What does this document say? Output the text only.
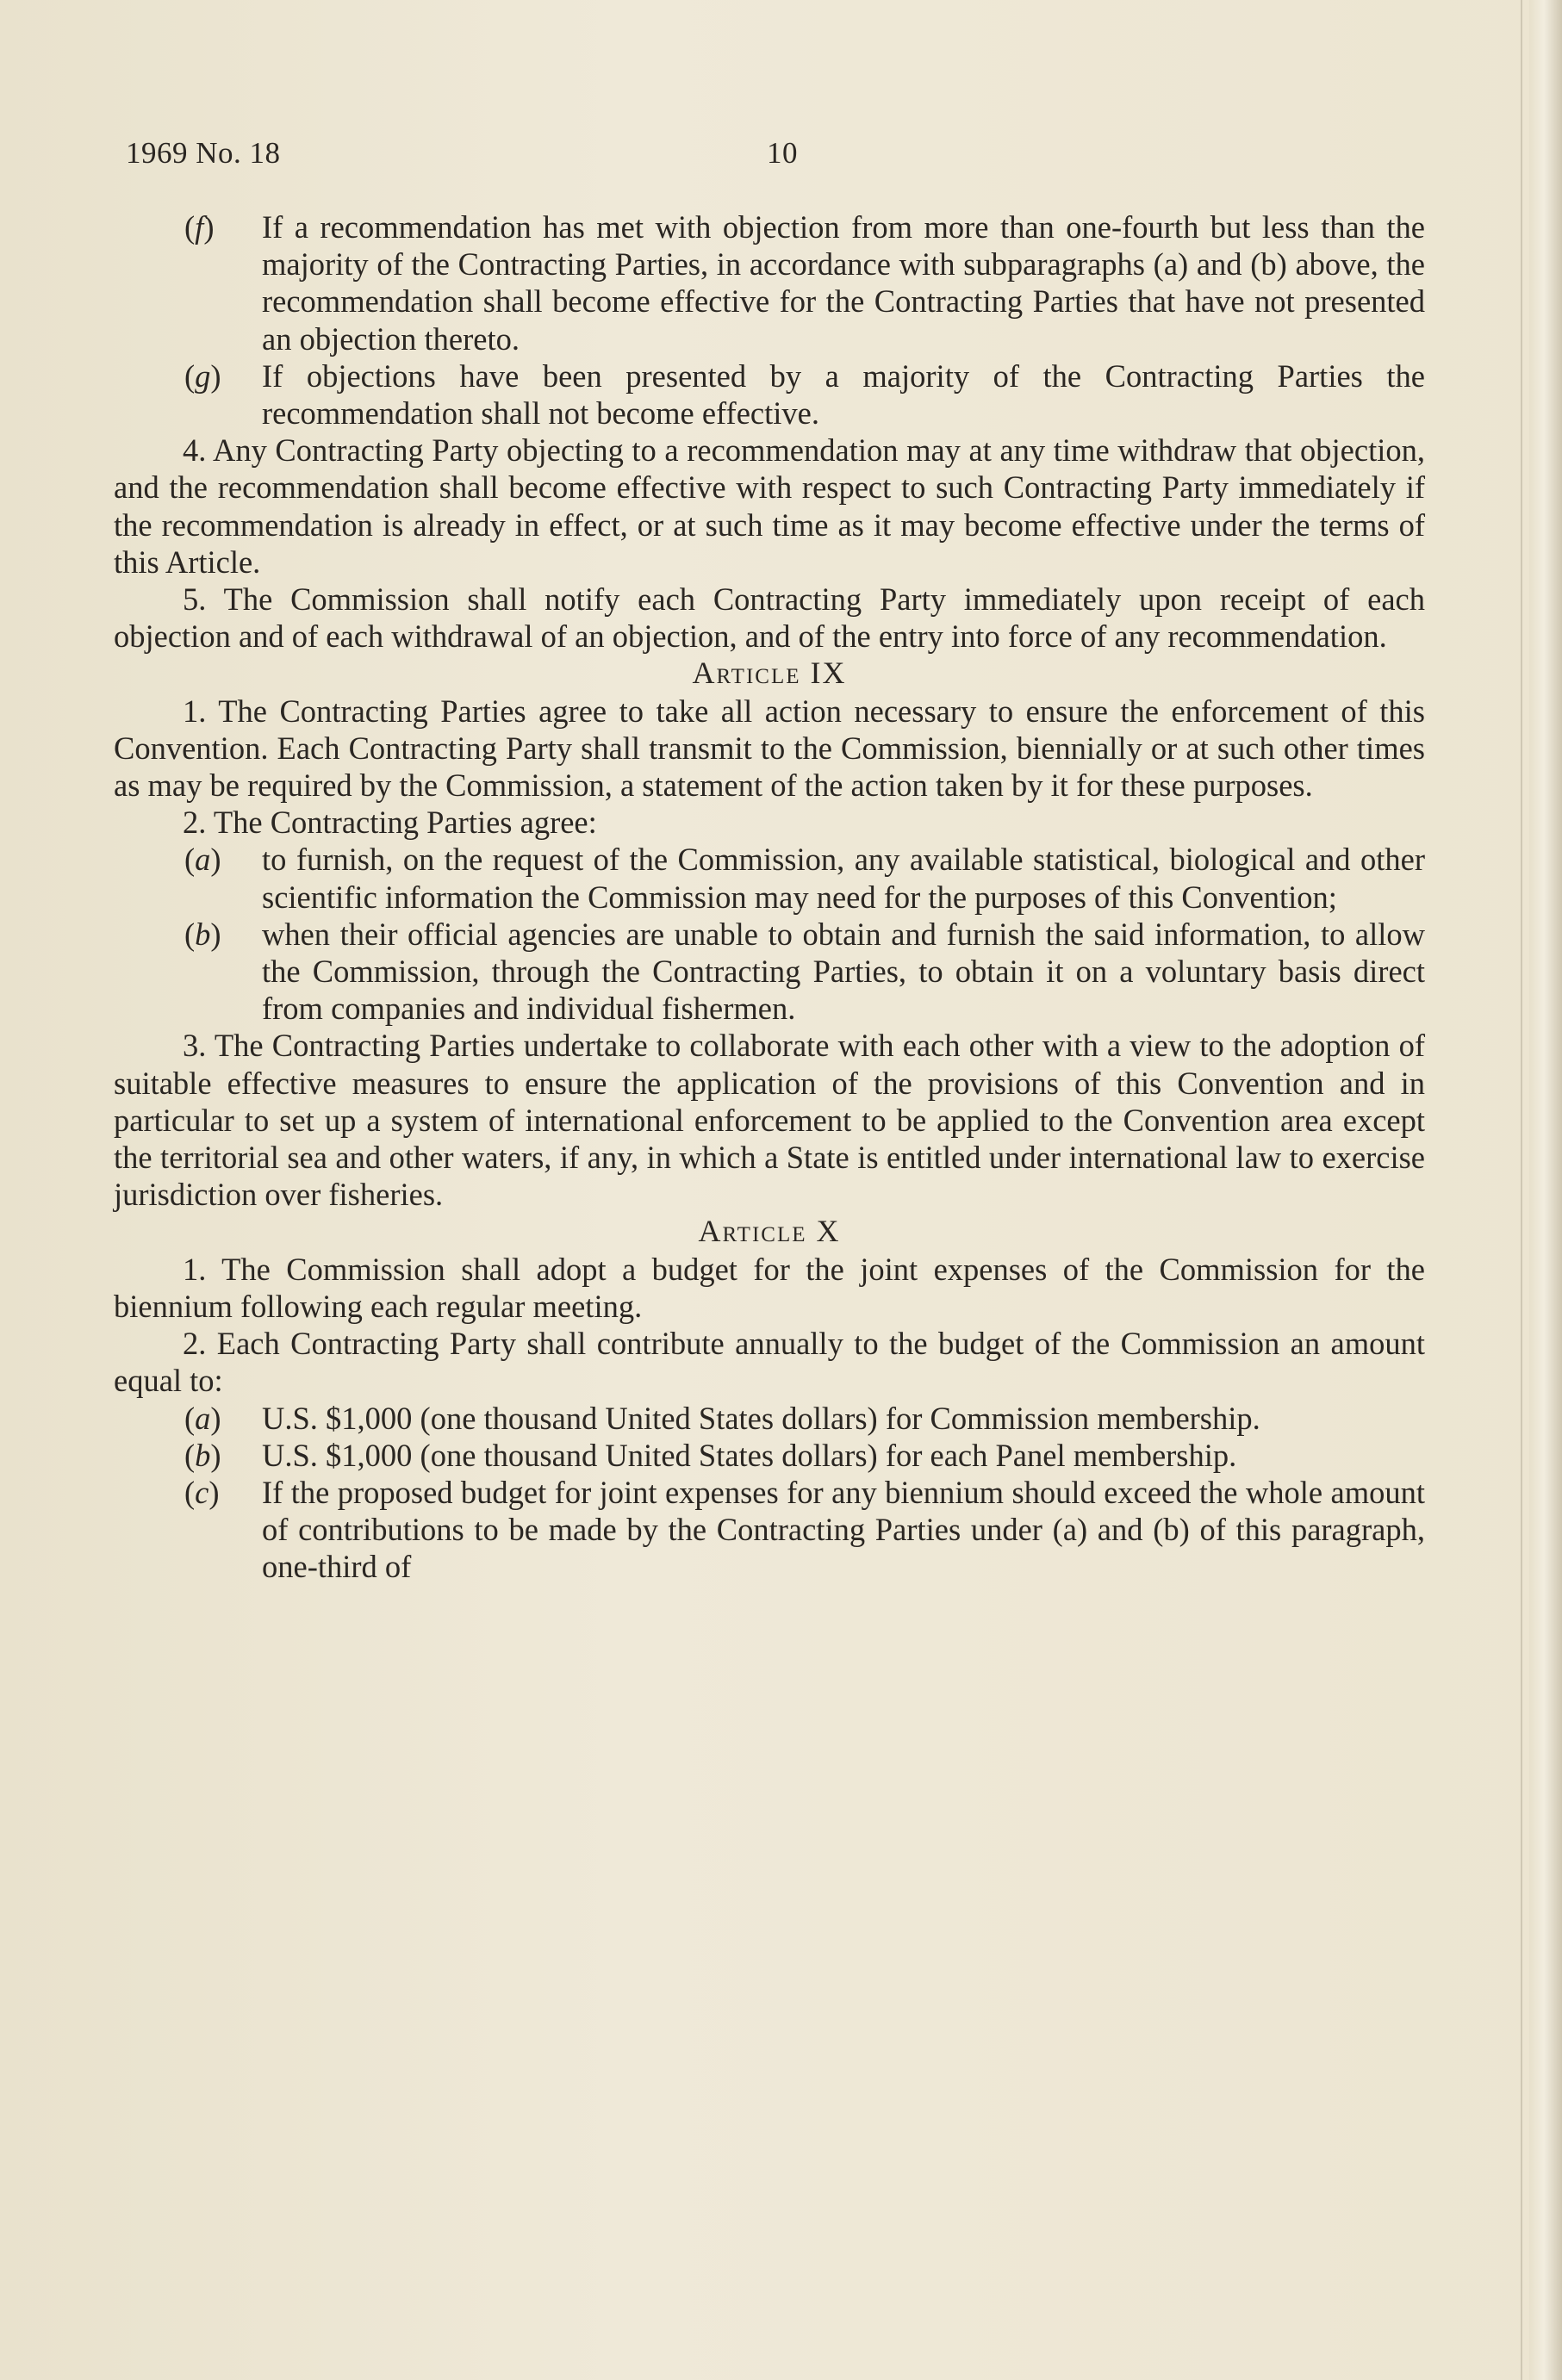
1969 No. 18	10

(f) If a recommendation has met with objection from more than one-fourth but less than the majority of the Contracting Parties, in accordance with subparagraphs (a) and (b) above, the recommendation shall become effective for the Contracting Parties that have not presented an objection thereto.

(g) If objections have been presented by a majority of the Contracting Parties the recommendation shall not become effective.

4. Any Contracting Party objecting to a recommendation may at any time withdraw that objection, and the recommendation shall become effective with respect to such Contracting Party immediately if the recommendation is already in effect, or at such time as it may become effective under the terms of this Article.

5. The Commission shall notify each Contracting Party immediately upon receipt of each objection and of each withdrawal of an objection, and of the entry into force of any recommendation.

Article IX

1. The Contracting Parties agree to take all action necessary to ensure the enforcement of this Convention. Each Contracting Party shall transmit to the Commission, biennially or at such other times as may be required by the Commission, a statement of the action taken by it for these purposes.

2. The Contracting Parties agree:

(a) to furnish, on the request of the Commission, any available statistical, biological and other scientific information the Commission may need for the purposes of this Convention;

(b) when their official agencies are unable to obtain and furnish the said information, to allow the Commission, through the Contracting Parties, to obtain it on a voluntary basis direct from companies and individual fishermen.

3. The Contracting Parties undertake to collaborate with each other with a view to the adoption of suitable effective measures to ensure the application of the provisions of this Convention and in particular to set up a system of international enforcement to be applied to the Convention area except the territorial sea and other waters, if any, in which a State is entitled under international law to exercise jurisdiction over fisheries.

Article X

1. The Commission shall adopt a budget for the joint expenses of the Commission for the biennium following each regular meeting.

2. Each Contracting Party shall contribute annually to the budget of the Commission an amount equal to:

(a) U.S. $1,000 (one thousand United States dollars) for Commission membership.

(b) U.S. $1,000 (one thousand United States dollars) for each Panel membership.

(c) If the proposed budget for joint expenses for any biennium should exceed the whole amount of contributions to be made by the Contracting Parties under (a) and (b) of this paragraph, one-third of
